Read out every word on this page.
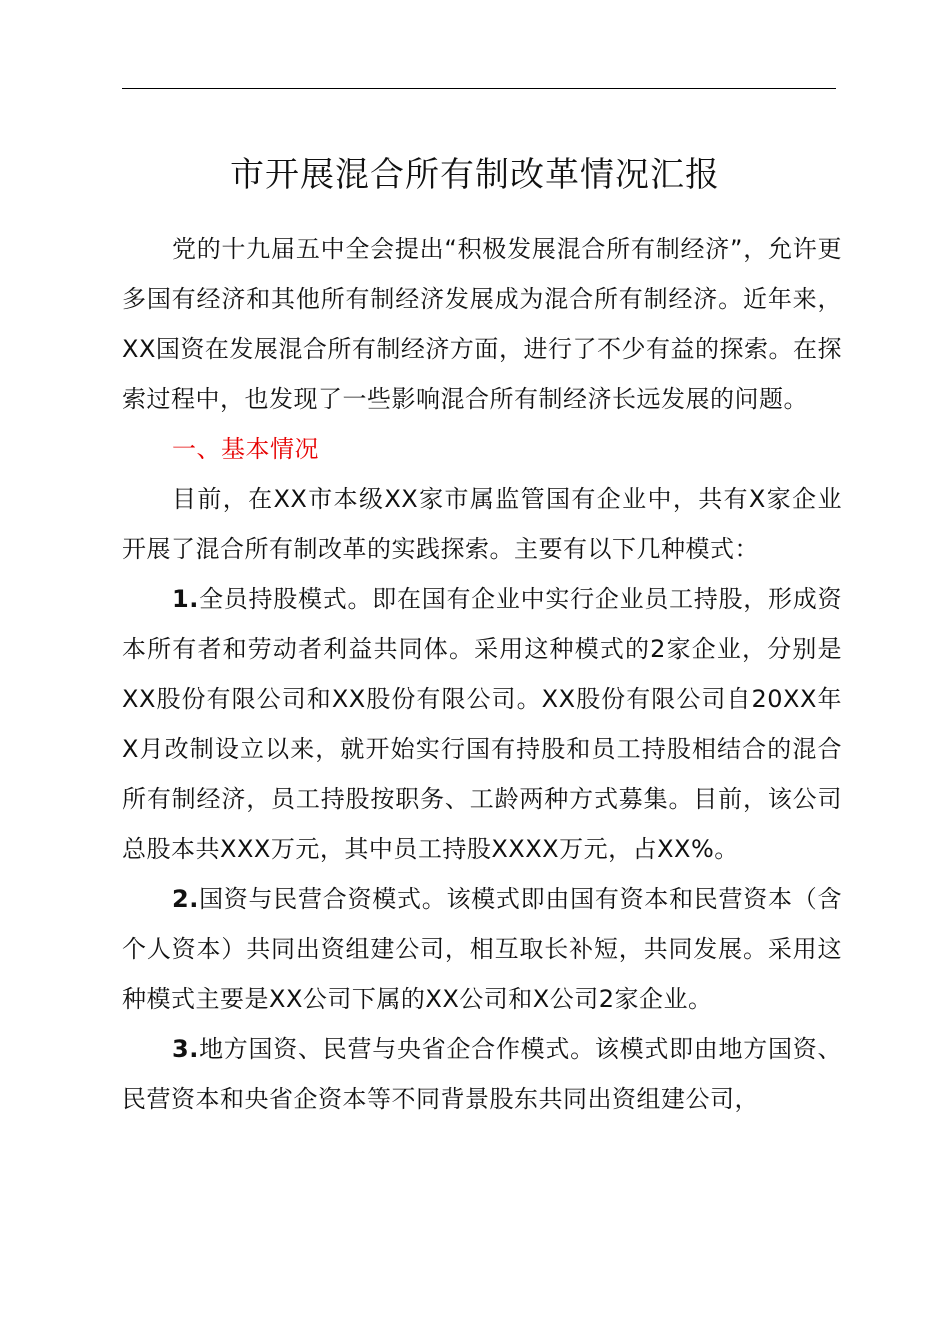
市开展混合所有制改革情况汇报

党的十九届五中全会提出“积极发展混合所有制经济”，允许更多国有经济和其他所有制经济发展成为混合所有制经济。近年来，XX国资在发展混合所有制经济方面，进行了不少有益的探索。在探索过程中，也发现了一些影响混合所有制经济长远发展的问题。

一、基本情况

目前，在XX市本级XX家市属监管国有企业中，共有X家企业开展了混合所有制改革的实践探索。主要有以下几种模式：

1.全员持股模式。即在国有企业中实行企业员工持股，形成资本所有者和劳动者利益共同体。采用这种模式的2家企业，分别是XX股份有限公司和XX股份有限公司。XX股份有限公司自20XX年X月改制设立以来，就开始实行国有持股和员工持股相结合的混合所有制经济，员工持股按职务、工龄两种方式募集。目前，该公司总股本共XXX万元，其中员工持股XXXX万元，占XX%。

2.国资与民营合资模式。该模式即由国有资本和民营资本（含个人资本）共同出资组建公司，相互取长补短，共同发展。采用这种模式主要是XX公司下属的XX公司和X公司2家企业。

3.地方国资、民营与央省企合作模式。该模式即由地方国资、民营资本和央省企资本等不同背景股东共同出资组建公司，
